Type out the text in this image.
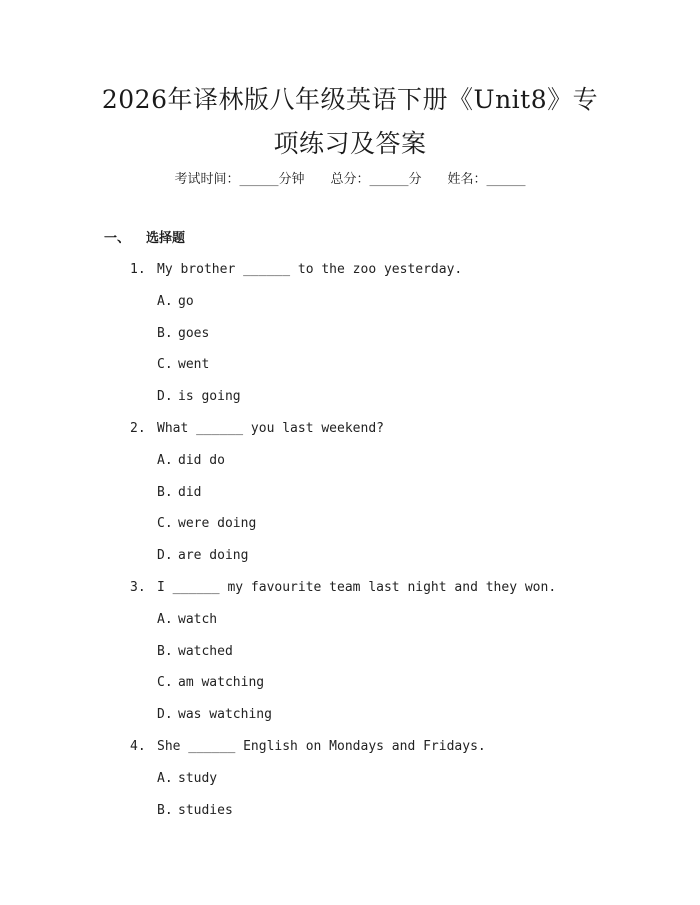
2026年译林版八年级英语下册《Unit8》专
项练习及答案
考试时间：______分钟 总分：______分 姓名：______
一、 选择题
1. My brother ______ to the zoo yesterday.
A. go
B. goes
C. went
D. is going
2. What ______ you last weekend?
A. did do
B. did
C. were doing
D. are doing
3. I ______ my favourite team last night and they won.
A. watch
B. watched
C. am watching
D. was watching
4. She ______ English on Mondays and Fridays.
A. study
B. studies
